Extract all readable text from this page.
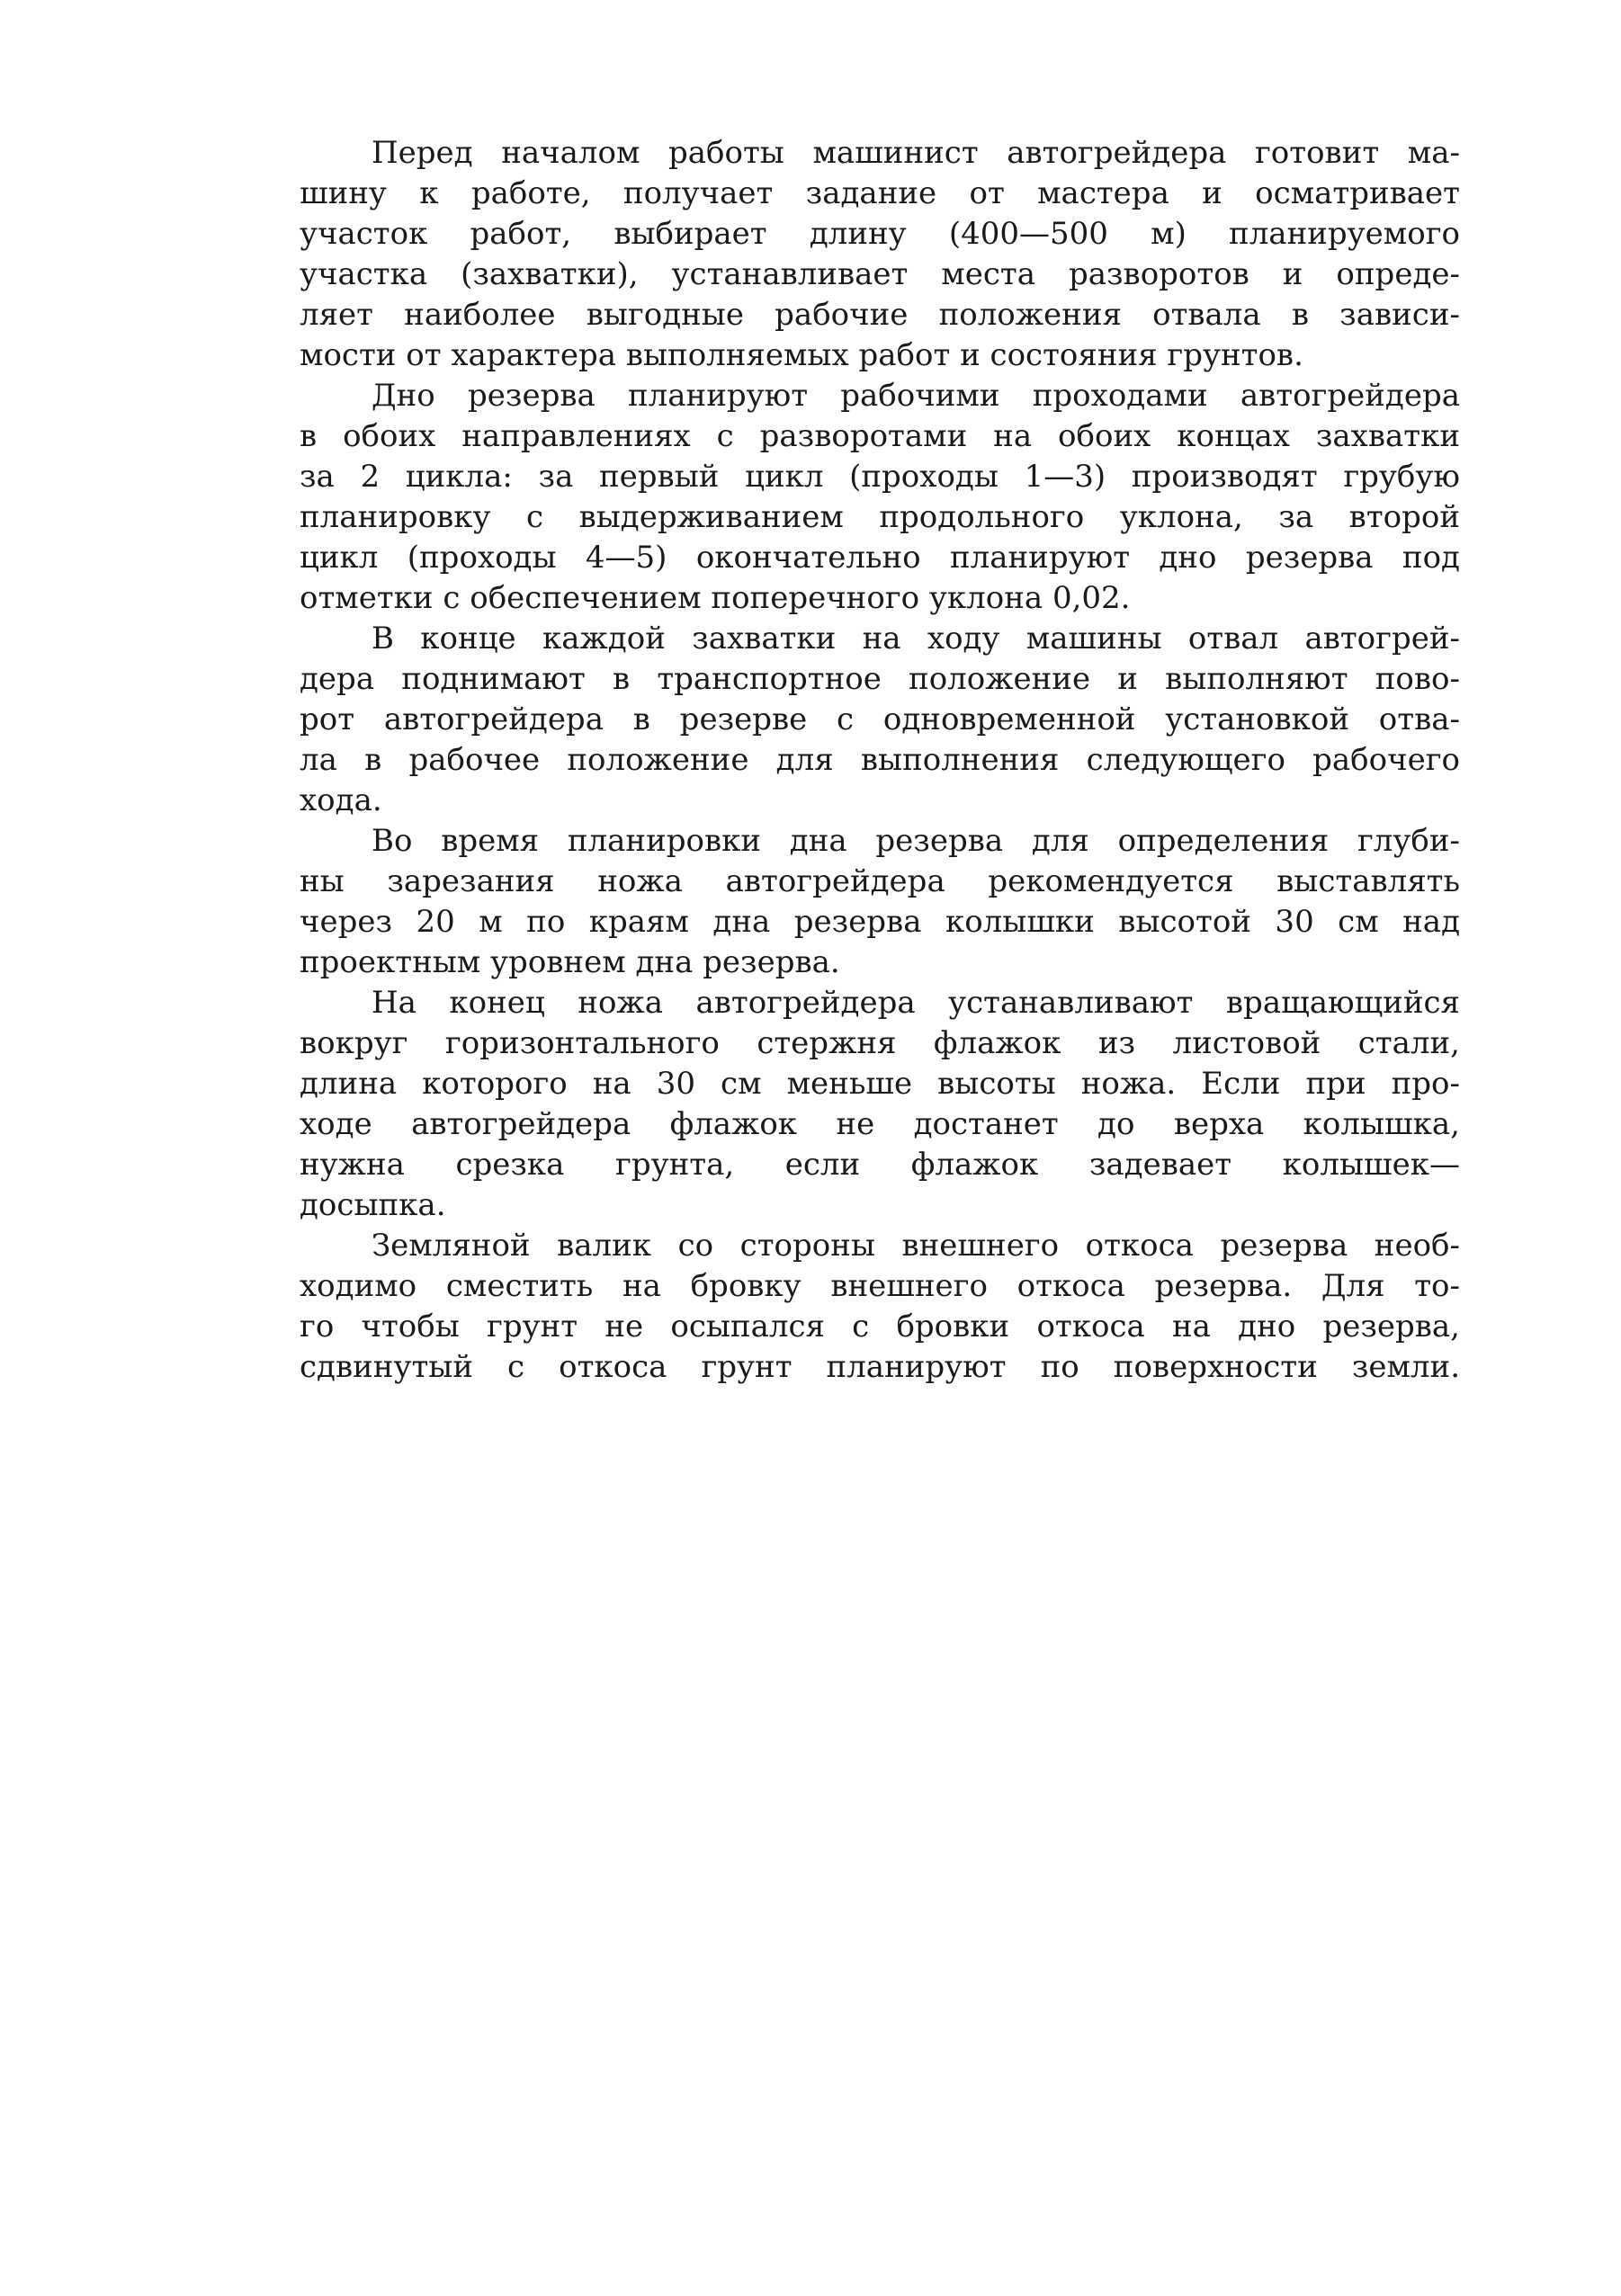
Перед началом работы машинист автогрейдера готовит ма-
шину к работе, получает задание от мастера и осматривает
участок работ, выбирает длину (400—500 м) планируемого
участка (захватки), устанавливает места разворотов и опреде-
ляет наиболее выгодные рабочие положения отвала в зависи-
мости от характера выполняемых работ и состояния грунтов.
Дно резерва планируют рабочими проходами автогрейдера
в обоих направлениях с разворотами на обоих концах захватки
за 2 цикла: за первый цикл (проходы 1—3) производят грубую
планировку с выдерживанием продольного уклона, за второй
цикл (проходы 4—5) окончательно планируют дно резерва под
отметки с обеспечением поперечного уклона 0,02.
В конце каждой захватки на ходу машины отвал автогрей-
дера поднимают в транспортное положение и выполняют пово-
рот автогрейдера в резерве с одновременной установкой отва-
ла в рабочее положение для выполнения следующего рабочего
хода.
Во время планировки дна резерва для определения глуби-
ны зарезания ножа автогрейдера рекомендуется выставлять
через 20 м по краям дна резерва колышки высотой 30 см над
проектным уровнем дна резерва.
На конец ножа автогрейдера устанавливают вращающийся
вокруг горизонтального стержня флажок из листовой стали,
длина которого на 30 см меньше высоты ножа. Если при про-
ходе автогрейдера флажок не достанет до верха колышка,
нужна срезка грунта, если флажок задевает колышек—
досыпка.
Земляной валик со стороны внешнего откоса резерва необ-
ходимо сместить на бровку внешнего откоса резерва. Для то-
го чтобы грунт не осыпался с бровки откоса на дно резерва,
сдвинутый с откоса грунт планируют по поверхности земли.
